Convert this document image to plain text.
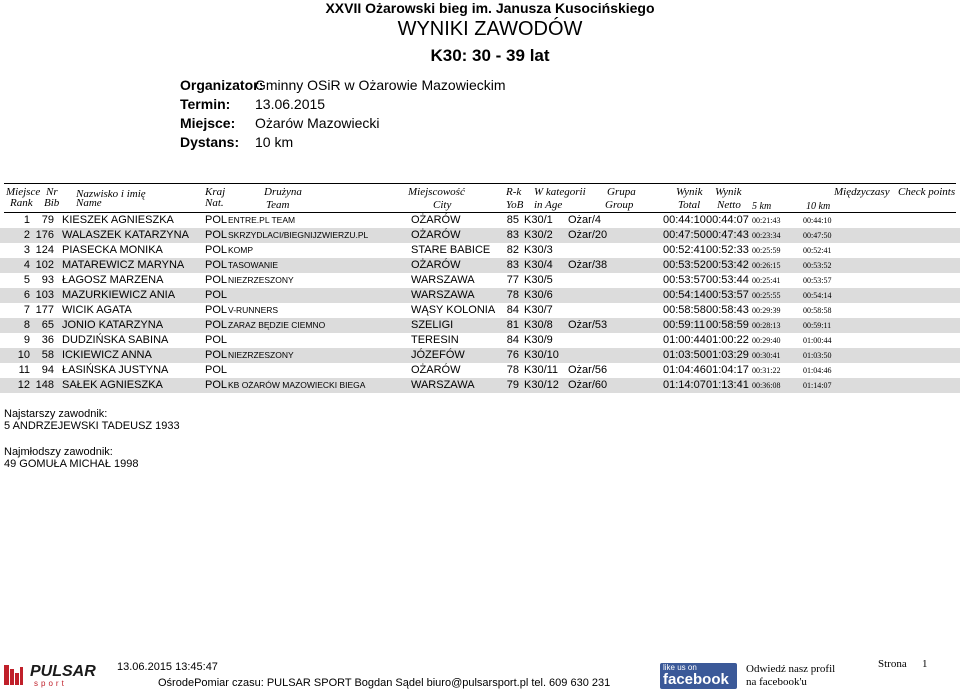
XXVII Ożarowski bieg im. Janusza Kusocińskiego
WYNIKI ZAWODÓW
K30: 30 - 39 lat
Organizator:
Gminny OSiR w Ożarowie Mazowieckim
Termin: 13.06.2015
Miejsce: Ożarów Mazowiecki
Dystans: 10 km
Miejsce
Rank
Nr
Bib
Nazwisko i imię
Name
Kraj
Nat.
Drużyna
Team
Miejscowość
City
R-k
YoB
W kategorii
in Age
Grupa
Group
Wynik
Total
Wynik
Netto 5 km	10 km
Międzyczasy Check points
1	79 KIESZEK AGNIESZKA	POL ENTRE.PL TEAM	OŻARÓW	85 K30/1 Ożar/4	00:44:10 00:44:07 00:21:43	00:44:10
2 176 WALASZEK KATARZYNA POL SKRZYDLACI/BIEGNIJZWIERZU.PL	OŻARÓW	83 K30/2 Ożar/20	00:47:50 00:47:43 00:23:34	00:47:50
3 124 PIASECKA MONIKA	POL KOMP	STARE BABICE	82 K30/3	00:52:41 00:52:33 00:25:59	00:52:41
4 102 MATAREWICZ MARYNA POL TASOWANIE	OŻARÓW	83 K30/4 Ożar/38	00:53:52 00:53:42 00:26:15	00:53:52
5	93 ŁAGOSZ MARZENA	POL NIEZRZESZONY	WARSZAWA	77 K30/5	00:53:57 00:53:44 00:25:41	00:53:57
6 103 MAZURKIEWICZ ANIA	POL	WARSZAWA	78 K30/6	00:54:14 00:53:57 00:25:55	00:54:14
7 177 WICIK AGATA	POL V-RUNNERS	WĄSY KOLONIA	84 K30/7	00:58:58 00:58:43 00:29:39	00:58:58
8	65 JONIO KATARZYNA	POL ZARAZ BĘDZIE CIEMNO	SZELIGI	81 K30/8 Ożar/53	00:59:11 00:58:59 00:28:13	00:59:11
9	36 DUDZIŃSKA SABINA	POL	TERESIN	84 K30/9	01:00:44 01:00:22 00:29:40	01:00:44
10	58 ICKIEWICZ ANNA	POL NIEZRZESZONY	JÓZEFÓW	76 K30/10	01:03:50 01:03:29 00:30:41	01:03:50
11	94 ŁASIŃSKA JUSTYNA	POL	OŻARÓW	78 K30/11 Ożar/56	01:04:46 01:04:17 00:31:22	01:04:46
12 148 SAŁEK AGNIESZKA	POL KB OŻARÓW MAZOWIECKI BIEGA	WARSZAWA	79 K30/12 Ożar/60	01:14:07 01:13:41 00:36:08	01:14:07
Najstarszy zawodnik:
5 ANDRZEJEWSKI TADEUSZ 1933
Najmłodszy zawodnik:
49 GOMUŁA MICHAŁ 1998
PULSAR
sport
13.06.2015 13:45:47
OśrodePomiar czasu: PULSAR SPORT Bogdan Sądel biuro@pulsarsport.pl tel. 609 630 231
like us on
facebook
Odwiedź nasz profil
na facebook'u
Strona 1
